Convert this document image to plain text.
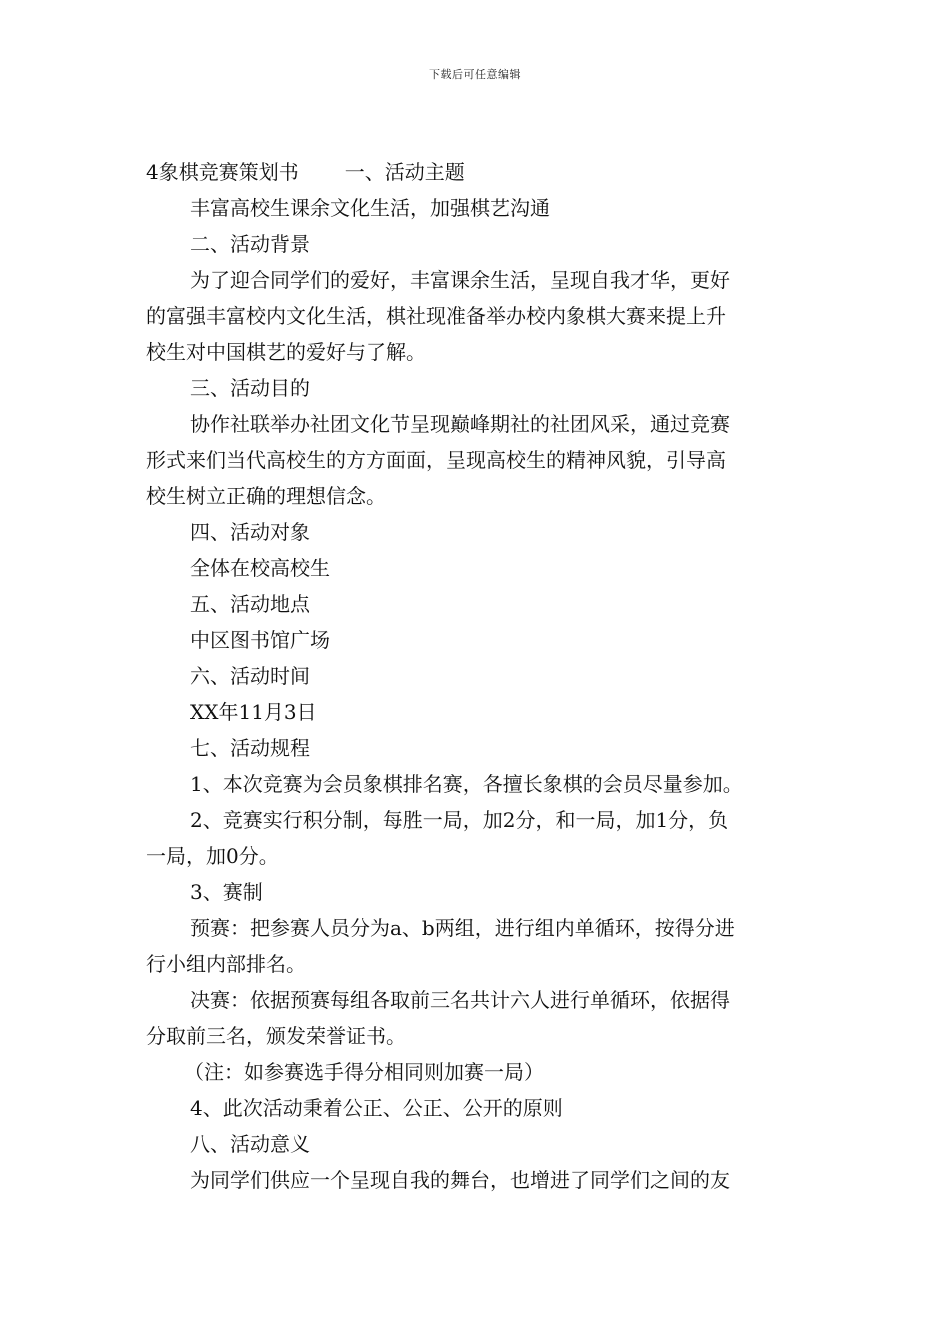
下载后可任意编辑
4象棋竞赛策划书 一、活动主题
丰富高校生课余文化生活，加强棋艺沟通
二、活动背景
为了迎合同学们的爱好，丰富课余生活，呈现自我才华，更好
的富强丰富校内文化生活，棋社现准备举办校内象棋大赛来提上升
校生对中国棋艺的爱好与了解。
三、活动目的
协作社联举办社团文化节呈现巅峰期社的社团风采，通过竞赛
形式来们当代高校生的方方面面，呈现高校生的精神风貌，引导高
校生树立正确的理想信念。
四、活动对象
全体在校高校生
五、活动地点
中区图书馆广场
六、活动时间
XX年11月3日
七、活动规程
1、本次竞赛为会员象棋排名赛，各擅长象棋的会员尽量参加。
2、竞赛实行积分制，每胜一局，加2分，和一局，加1分，负
一局，加0分。
3、赛制
预赛：把参赛人员分为a、b两组，进行组内单循环，按得分进
行小组内部排名。
决赛：依据预赛每组各取前三名共计六人进行单循环，依据得
分取前三名，颁发荣誉证书。
（注：如参赛选手得分相同则加赛一局）
4、此次活动秉着公正、公正、公开的原则
八、活动意义
为同学们供应一个呈现自我的舞台，也增进了同学们之间的友
